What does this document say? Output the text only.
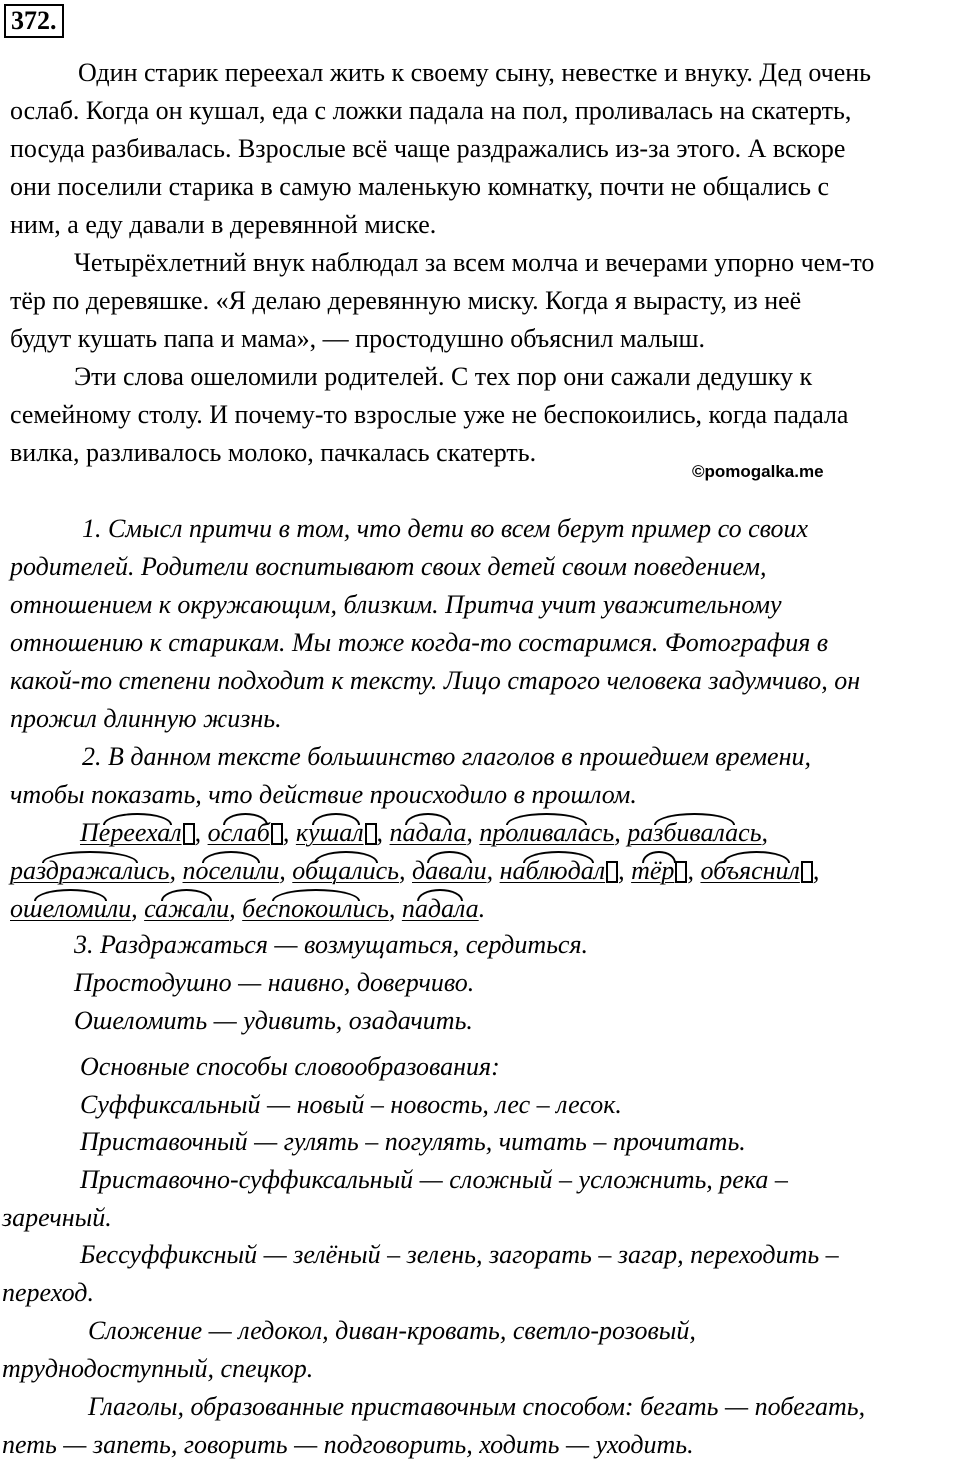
372.
Один старик переехал жить к своему сыну, невестке и внуку. Дед очень
ослаб. Когда он кушал, еда с ложки падала на пол, проливалась на скатерть,
посуда разбивалась. Взрослые всё чаще раздражались из-за этого. А вскоре
они поселили старика в самую маленькую комнатку, почти не общались с
ним, а еду давали в деревянной миске.
Четырёхлетний внук наблюдал за всем молча и вечерами упорно чем-то
тёр по деревяшке. «Я делаю деревянную миску. Когда я вырасту, из неё
будут кушать папа и мама», — простодушно объяснил малыш.
Эти слова ошеломили родителей. С тех пор они сажали дедушку к
семейному столу. И почему-то взрослые уже не беспокоились, когда падала
вилка, разливалось молоко, пачкалась скатерть.
©pomogalka.me
1. Смысл притчи в том, что дети во всем берут пример со своих
родителей. Родители воспитывают своих детей своим поведением,
отношением к окружающим, близким. Притча учит уважительному
отношению к старикам. Мы тоже когда-то состаримся. Фотография в
какой-то степени подходит к тексту. Лицо старого человека задумчиво, он
прожил длинную жизнь.
2. В данном тексте большинство глаголов в прошедшем времени,
чтобы показать, что действие происходило в прошлом.
Переехал , ослаб , кушал , падала, проливалась, разбивалась,
раздражались, поселили, общались, давали, наблюдал , тёр , объяснил ,
ошеломили, сажали, беспокоились, падала.
3. Раздражаться — возмущаться, сердиться.
Простодушно — наивно, доверчиво.
Ошеломить — удивить, озадачить.
Основные способы словообразования:
Суффиксальный — новый – новость, лес – лесок.
Приставочный — гулять – погулять, читать – прочитать.
Приставочно-суффиксальный — сложный – усложнить, река –
заречный.
Бессуффиксный — зелёный – зелень, загорать – загар, переходить –
переход.
Сложение — ледокол, диван-кровать, светло-розовый,
труднодоступный, спецкор.
Глаголы, образованные приставочным способом: бегать — побегать,
петь — запеть, говорить — подговорить, ходить — уходить.
